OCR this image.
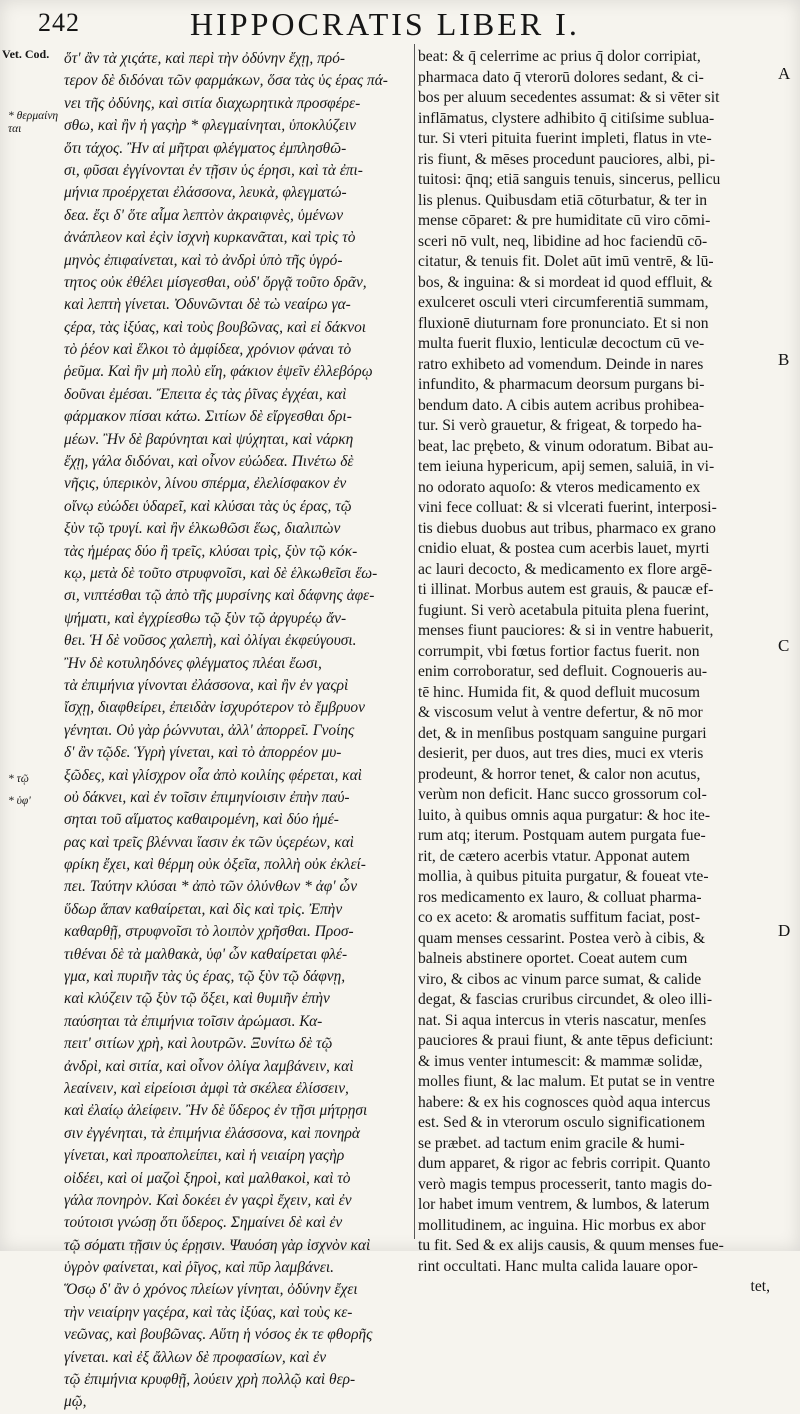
242	HIPPOCRATIS LIBER I.
Vet. Cod.
* θερμαίνη
ται
* τῷ
* ὑφ'
ὅτ' ἂν τὰ χιςάτε, καὶ περὶ τὴν ὀδύνην ἔχῃ, πρό-
τερον δὲ διδόναι τῶν φαρμάκων, ὅσα τὰς ὑς έρας πά-
νει τῆς ὀδύνης, καὶ σιτία διαχωρητικὰ προσφέρε-
σθω, καὶ ἢν ἡ γαςὴρ * φλεγμαίνηται, ὑποκλύζειν
ὅτι τάχος. Ἢν αἱ μῆτραι φλέγματος ἐμπλησθῶ-
σι, φῦσαι ἐγγίνονται ἐν τῇσιν ὑς έρησι, καὶ τὰ ἐπι-
μήνια προέρχεται ἐλάσσονα, λευκὰ, φλεγματώ-
δεα. ἔςι δ' ὅτε αἷμα λεπτὸν ἀκραιφνὲς, ὑμένων
ἀνάπλεον καὶ ἐςὶν ἰσχνὴ κυρκανᾶται, καὶ τρὶς τὸ
μηνὸς ἐπιφαίνεται, καὶ τὸ ἀνδρὶ ὑπὸ τῆς ὑγρό-
τητος οὐκ ἐθέλει μίσγεσθαι, οὐδ' ὄργᾷ τοῦτο δρᾶν,
καὶ λεπτὴ γίνεται. Ὀδυνῶνται δὲ τὼ νεαίρω γα-
ςέρα, τὰς ἰξύας, καὶ τοὺς βουβῶνας, καὶ εἰ δάκνοι
τὸ ῥέον καὶ ἕλκοι τὸ ἀμφίδεα, χρόνιον φάναι τὸ
ῥεῦμα. Καὶ ἢν μὴ πολὺ εἴη, φάκιον ἑψεῖν ἐλλεβόρῳ
δοῦναι ἐμέσαι. Ἔπειτα ἐς τὰς ῥῖνας ἐγχέαι, καὶ
φάρμακον πίσαι κάτω. Σιτίων δὲ εἴργεσθαι δρι-
μέων. Ἢν δὲ βαρύνηται καὶ ψύχηται, καὶ νάρκη
ἔχῃ, γάλα διδόναι, καὶ οἶνον εὐώδεα. Πινέτω δὲ
νῆςις, ὑπερικὸν, λίνου σπέρμα, ἐλελίσφακον ἐν
οἴνῳ εὐώδει ὑδαρεῖ, καὶ κλύσαι τὰς ὑς έρας, τῷ
ξὺν τῷ τρυγί. καὶ ἢν ἑλκωθῶσι ἕως, διαλιπὼν
τὰς ἡμέρας δύο ἢ τρεῖς, κλύσαι τρὶς, ξὺν τῷ κόκ-
κῳ, μετὰ δὲ τοῦτο στρυφνοῖσι, καὶ δὲ ἑλκωθεῖσι ἕω-
σι, νιπτέσθαι τῷ ἀπὸ τῆς μυρσίνης καὶ δάφνης ἀφε-
ψήματι, καὶ ἐγχρίεσθω τῷ ξὺν τῷ ἀργυρέῳ ἄν-
θει. Ἡ δὲ νοῦσος χαλεπὴ, καὶ ὀλίγαι ἐκφεύγουσι.
Ἢν δὲ κοτυληδόνες φλέγματος πλέαι ἔωσι,
τὰ ἐπιμήνια γίνονται ἐλάσσονα, καὶ ἢν ἐν γαςρὶ
ἴσχῃ, διαφθείρει, ἐπειδὰν ἰσχυρότερον τὸ ἔμβρυον
γένηται. Οὐ γὰρ ῥώννυται, ἀλλ' ἀπορρεῖ. Γνοίης
δ' ἂν τῷδε. Ὑγρὴ γίνεται, καὶ τὸ ἀπορρέον μυ-
ξῶδες, καὶ γλίσχρον οἷα ἀπὸ κοιλίης φέρεται, καὶ
οὐ δάκνει, καὶ ἐν τοῖσιν ἐπιμηνίοισιν ἐπὴν παύ-
σηται τοῦ αἵματος καθαιρομένη, καὶ δύο ἡμέ-
ρας καὶ τρεῖς βλένναι ἴασιν ἐκ τῶν ὑςερέων, καὶ
φρίκη ἔχει, καὶ θέρμη οὐκ ὀξεῖα, πολλὴ οὐκ ἐκλεί-
πει. Ταύτην κλύσαι * ἀπὸ τῶν ὀλύνθων * ἀφ' ὧν
ὕδωρ ἅπαν καθαίρεται, καὶ δὶς καὶ τρὶς. Ἐπὴν
καθαρθῇ, στρυφνοῖσι τὸ λοιπὸν χρῆσθαι. Προσ-
τιθέναι δὲ τὰ μαλθακὰ, ὑφ' ὧν καθαίρεται φλέ-
γμα, καὶ πυριῆν τὰς ὑς έρας, τῷ ξὺν τῷ δάφνῃ,
καὶ κλύζειν τῷ ξὺν τῷ ὄξει, καὶ θυμιῆν ἐπὴν
παύσηται τὰ ἐπιμήνια τοῖσιν ἀρώμασι. Κα-
πειτ' σιτίων χρὴ, καὶ λουτρῶν. Ξυνίτω δὲ τῷ
ἀνδρὶ, καὶ σιτία, καὶ οἶνον ὀλίγα λαμβάνειν, καὶ
λεαίνειν, καὶ εἰρείοισι ἀμφὶ τὰ σκέλεα ἐλίσσειν,
καὶ ἐλαίῳ ἀλείφειν. Ἢν δὲ ὕδερος ἐν τῇσι μήτρῃσι
σιν ἐγγένηται, τὰ ἐπιμήνια ἐλάσσονα, καὶ πονηρὰ
γίνεται, καὶ προαπολείπει, καὶ ἡ νειαίρη γαςὴρ
οἰδέει, καὶ οἱ μαζοὶ ξηροὶ, καὶ μαλθακοὶ, καὶ τὸ
γάλα πονηρὸν. Καὶ δοκέει ἐν γαςρὶ ἔχειν, καὶ ἐν
τούτοισι γνώσῃ ὅτι ὕδερος. Σημαίνει δὲ καὶ ἐν
τῷ σόματι τῇσιν ὑς έρῃσιν. Ψαυόση γὰρ ἰσχνὸν καὶ
ὑγρὸν φαίνεται, καὶ ῥῖγος, καὶ πῦρ λαμβάνει.
Ὅσῳ δ' ἂν ὁ χρόνος πλείων γίνηται, ὀδύνην ἔχει
τὴν νειαίρην γαςέρα, καὶ τὰς ἰξύας, καὶ τοὺς κε-
νεῶνας, καὶ βουβῶνας. Αὕτη ἡ νόσος ἐκ τε φθορῆς
γίνεται. καὶ ἐξ ἄλλων δὲ προφασίων, καὶ ἐν
τῷ ἐπιμήνια κρυφθῇ, λούειν χρὴ πολλῷ καὶ θερ-
μῷ,
beat: & q̄ celerrime ac prius q̄ dolor corripiat,
pharmaca dato q̄ vterorū dolores sedant, & ci-
bos per aluum secedentes assumat: & si vēter sit
inflāmatus, clystere adhibito q̄ citiſsime sublua-
tur. Si vteri pituita fuerint impleti, flatus in vte-
ris fiunt, & mēses procedunt pauciores, albi, pi-
tuitosi: q̄nq; etiā sanguis tenuis, sincerus, pellicu
lis plenus. Quibusdam etiā cōturbatur, & ter in
mense cōparet: & pre humiditate cū viro cōmi-
sceri nō vult, neq, libidine ad hoc faciendū cō-
citatur, & tenuis fit. Dolet aūt imū ventrē, & lū-
bos, & inguina: & si mordeat id quod effluit, &
exulceret osculi vteri circumferentiā summam,
fluxionē diuturnam fore pronunciato. Et si non
multa fuerit fluxio, lenticulæ decoctum cū ve-
ratro exhibeto ad vomendum. Deinde in nares
infundito, & pharmacum deorsum purgans bi-
bendum dato. A cibis autem acribus prohibea-
tur. Si verò grauetur, & frigeat, & torpedo ha-
beat, lac prębeto, & vinum odoratum. Bibat au-
tem ieiuna hypericum, apij semen, saluiā, in vi-
no odorato aquoſo: & vteros medicamento ex
vini fece colluat: & si vlcerati fuerint, interposi-
tis diebus duobus aut tribus, pharmaco ex grano
cnidio eluat, & postea cum acerbis lauet, myrti
ac lauri decocto, & medicamento ex flore argē-
ti illinat. Morbus autem est grauis, & paucæ ef-
fugiunt. Si verò acetabula pituita plena fuerint,
menses fiunt pauciores: & si in ventre habuerit,
corrumpit, vbi fœtus fortior factus fuerit. non
enim corroboratur, sed defluit. Cognoueris au-
tē hinc. Humida fit, & quod defluit mucosum
& viscosum velut à ventre defertur, & nō mor
det, & in menſibus postquam sanguine purgari
desierit, per duos, aut tres dies, muci ex vteris
prodeunt, & horror tenet, & calor non acutus,
verùm non deficit. Hanc succo grossorum col-
luito, à quibus omnis aqua purgatur: & hoc ite-
rum atq; iterum. Postquam autem purgata fue-
rit, de cætero acerbis vtatur. Apponat autem
mollia, à quibus pituita purgatur, & foueat vte-
ros medicamento ex lauro, & colluat pharma-
co ex aceto: & aromatis suffitum faciat, post-
quam menses cessarint. Postea verò à cibis, &
balneis abstinere oportet. Coeat autem cum
viro, & cibos ac vinum parce sumat, & calide
degat, & fascias cruribus circundet, & oleo illi-
nat. Si aqua intercus in vteris nascatur, menſes
pauciores & praui fiunt, & ante tēpus deficiunt:
& imus venter intumescit: & mammæ solidæ,
molles fiunt, & lac malum. Et putat se in ventre
habere: & ex his cognosces quòd aqua intercus
est. Sed & in vterorum osculo significationem
se præbet. ad tactum enim gracile & humi-
dum apparet, & rigor ac febris corripit. Quanto
verò magis tempus processerit, tanto magis do-
lor habet imum ventrem, & lumbos, & laterum
mollitudinem, ac inguina. Hic morbus ex abor
tu fit. Sed & ex alijs causis, & quum menses fue-
rint occultati. Hanc multa calida lauare opor-
tet,
A
B
C
D
